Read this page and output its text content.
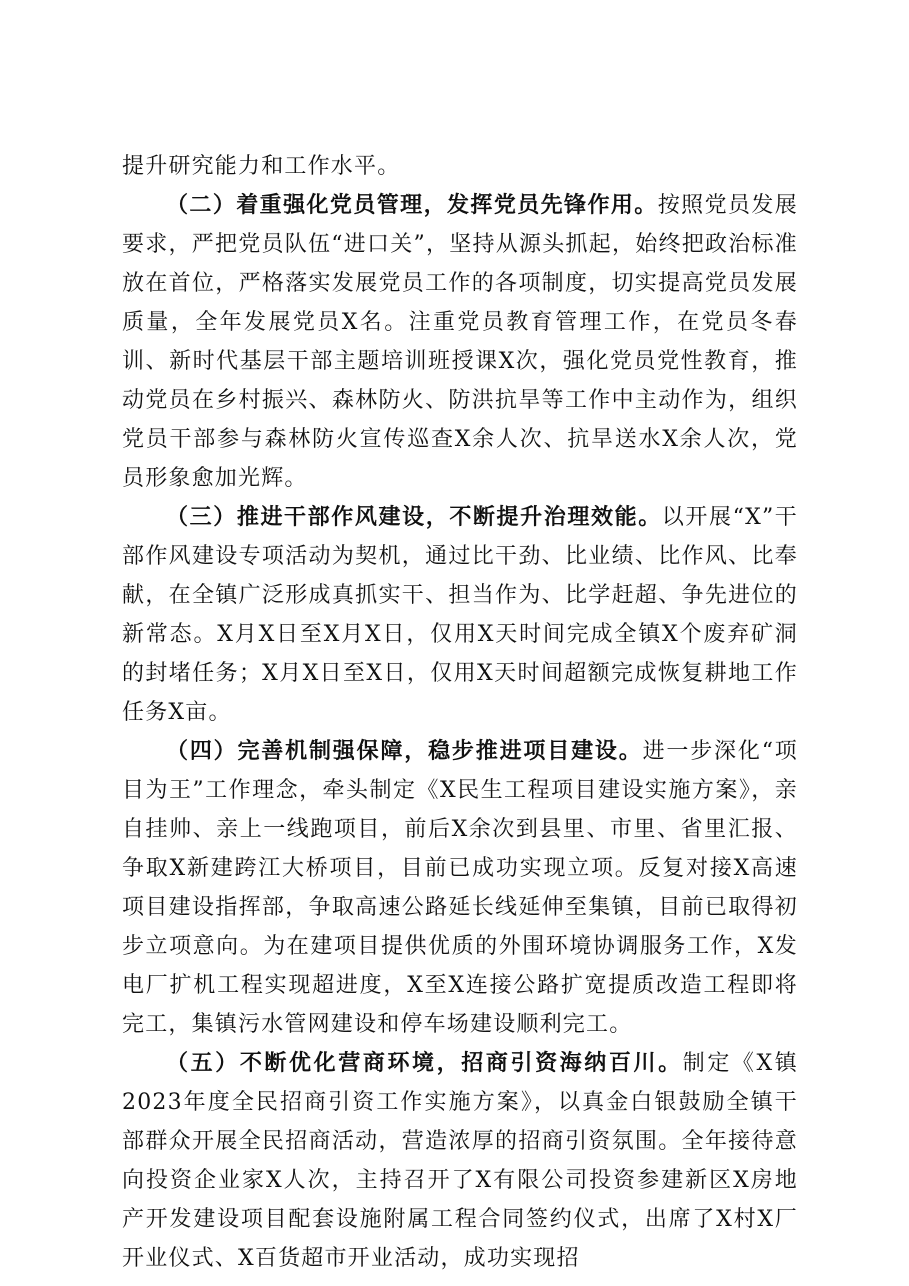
提升研究能力和工作水平。

（二）着重强化党员管理，发挥党员先锋作用。按照党员发展要求，严把党员队伍“进口关”，坚持从源头抓起，始终把政治标准放在首位，严格落实发展党员工作的各项制度，切实提高党员发展质量，全年发展党员X名。注重党员教育管理工作，在党员冬春训、新时代基层干部主题培训班授课X次，强化党员党性教育，推动党员在乡村振兴、森林防火、防洪抗旱等工作中主动作为，组织党员干部参与森林防火宣传巡查X余人次、抗旱送水X余人次，党员形象愈加光辉。

（三）推进干部作风建设，不断提升治理效能。以开展“X”干部作风建设专项活动为契机，通过比干劲、比业绩、比作风、比奉献，在全镇广泛形成真抓实干、担当作为、比学赶超、争先进位的新常态。X月X日至X月X日，仅用X天时间完成全镇X个废弃矿洞的封堵任务；X月X日至X日，仅用X天时间超额完成恢复耕地工作任务X亩。

（四）完善机制强保障，稳步推进项目建设。进一步深化“项目为王”工作理念，牵头制定《X民生工程项目建设实施方案》，亲自挂帅、亲上一线跑项目，前后X余次到县里、市里、省里汇报、争取X新建跨江大桥项目，目前已成功实现立项。反复对接X高速项目建设指挥部，争取高速公路延长线延伸至集镇，目前已取得初步立项意向。为在建项目提供优质的外围环境协调服务工作，X发电厂扩机工程实现超进度，X至X连接公路扩宽提质改造工程即将完工，集镇污水管网建设和停车场建设顺利完工。

（五）不断优化营商环境，招商引资海纳百川。制定《X镇2023年度全民招商引资工作实施方案》，以真金白银鼓励全镇干部群众开展全民招商活动，营造浓厚的招商引资氛围。全年接待意向投资企业家X人次，主持召开了X有限公司投资参建新区X房地产开发建设项目配套设施附属工程合同签约仪式，出席了X村X厂开业仪式、X百货超市开业活动，成功实现招
